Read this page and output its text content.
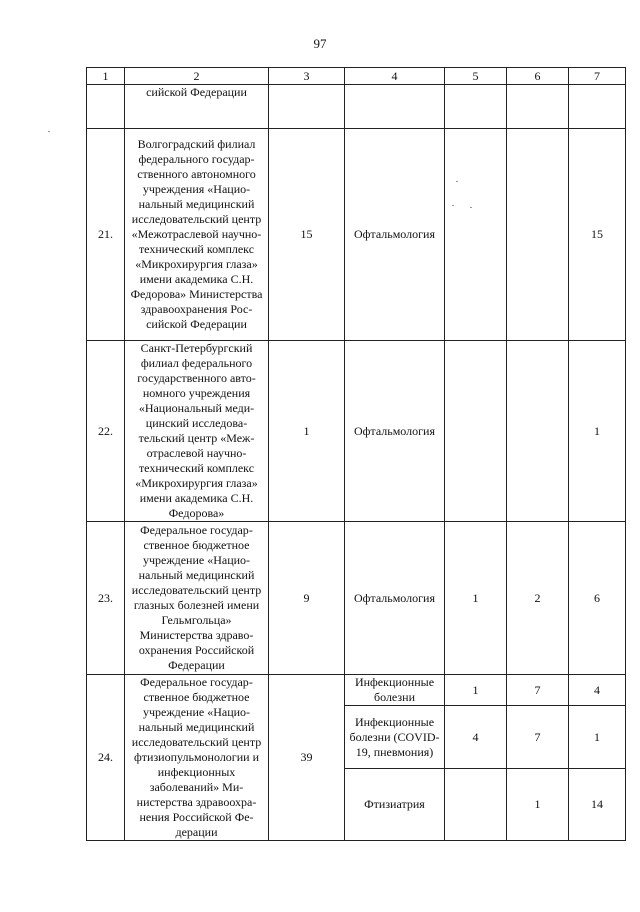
97
1	2	3	4	5	6	7
	сийской Федерации					
21.	Волгоградский филиал федерального государственного автономного учреждения «Национальный медицинский исследовательский центр «Межотраслевой научно-технический комплекс «Микрохирургия глаза» имени академика С.Н. Федорова» Министерства здравоохранения Российской Федерации	15	Офтальмология			15
22.	Санкт-Петербургский филиал федерального государственного автономного учреждения «Национальный медицинский исследовательский центр «Межотраслевой научно-технический комплекс «Микрохирургия глаза» имени академика С.Н. Федорова»	1	Офтальмология			1
23.	Федеральное государственное бюджетное учреждение «Национальный медицинский исследовательский центр глазных болезней имени Гельмгольца» Министерства здравоохранения Российской Федерации	9	Офтальмология	1	2	6
24.	Федеральное государственное бюджетное учреждение «Национальный медицинский исследовательский центр фтизиопульмонологии и инфекционных заболеваний» Министерства здравоохранения Российской Федерации	39	Инфекционные болезни	1	7	4
			Инфекционные болезни (COVID-19, пневмония)	4	7	1
			Фтизиатрия		1	14
